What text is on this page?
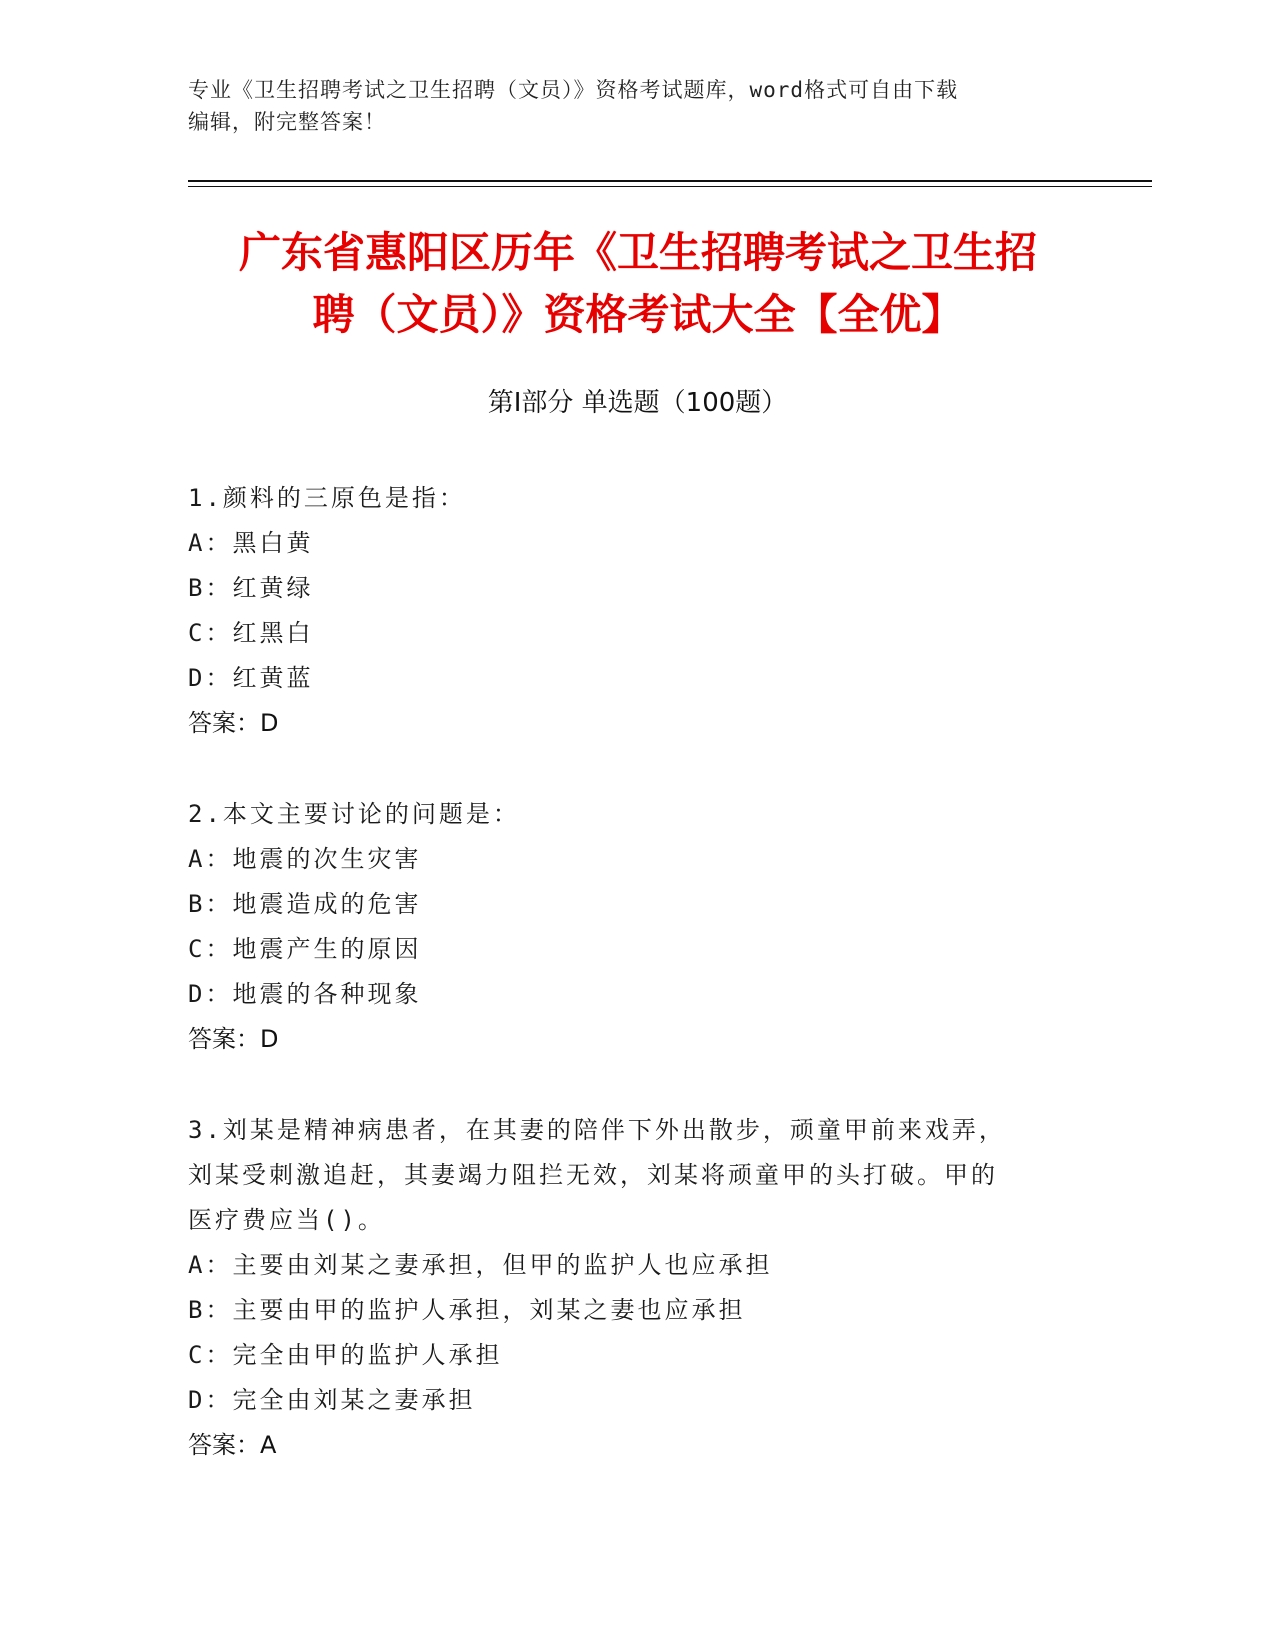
专业《卫生招聘考试之卫生招聘（文员）》资格考试题库，word格式可自由下载
编辑，附完整答案！
广东省惠阳区历年《卫生招聘考试之卫生招
聘（文员）》资格考试大全【全优】
第Ⅰ部分 单选题（100题）
1.颜料的三原色是指：
A：黑白黄
B：红黄绿
C：红黑白
D：红黄蓝
答案：D
2.本文主要讨论的问题是：
A：地震的次生灾害
B：地震造成的危害
C：地震产生的原因
D：地震的各种现象
答案：D
3.刘某是精神病患者，在其妻的陪伴下外出散步，顽童甲前来戏弄，
刘某受刺激追赶，其妻竭力阻拦无效，刘某将顽童甲的头打破。甲的
医疗费应当()。
A：主要由刘某之妻承担，但甲的监护人也应承担
B：主要由甲的监护人承担，刘某之妻也应承担
C：完全由甲的监护人承担
D：完全由刘某之妻承担
答案：A
